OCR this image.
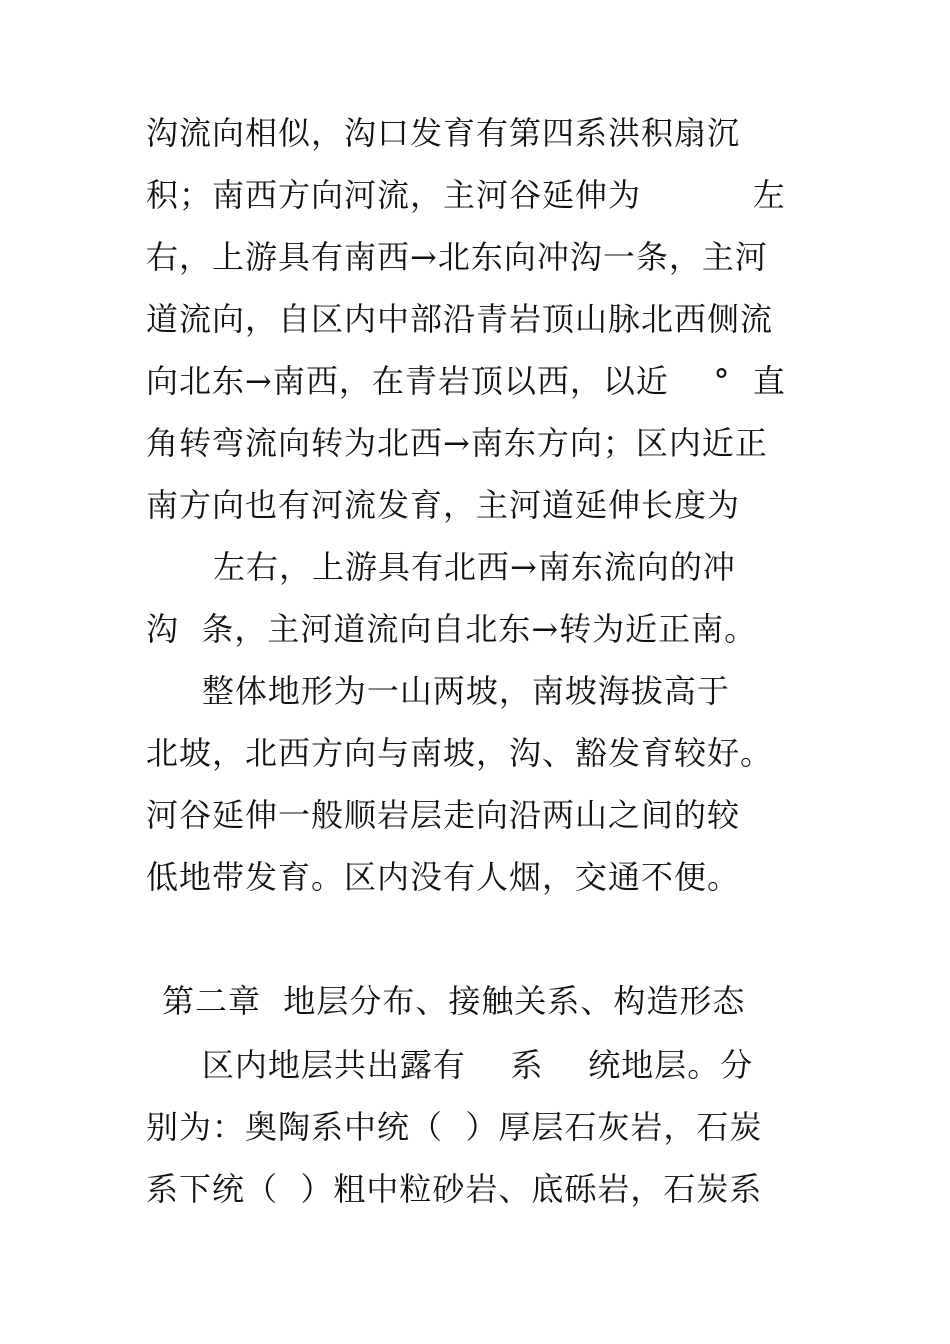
沟流向相似，沟口发育有第四系洪积扇沉
积；南西方向河流，主河谷延伸为          左
右，上游具有南西→北东向冲沟一条，主河
道流向，自区内中部沿青岩顶山脉北西侧流
向北东→南西，在青岩顶以西，以近    °  直
角转弯流向转为北西→南东方向；区内近正
南方向也有河流发育，主河道延伸长度为
左右，上游具有北西→南东流向的冲
沟  条，主河道流向自北东→转为近正南。
整体地形为一山两坡，南坡海拔高于
北坡，北西方向与南坡，沟、豁发育较好。
河谷延伸一般顺岩层走向沿两山之间的较
低地带发育。区内没有人烟，交通不便。
第二章  地层分布、接触关系、构造形态
区内地层共出露有    系    统地层。分
别为：奥陶系中统（  ）厚层石灰岩，石炭
系下统（  ）粗中粒砂岩、底砾岩，石炭系
